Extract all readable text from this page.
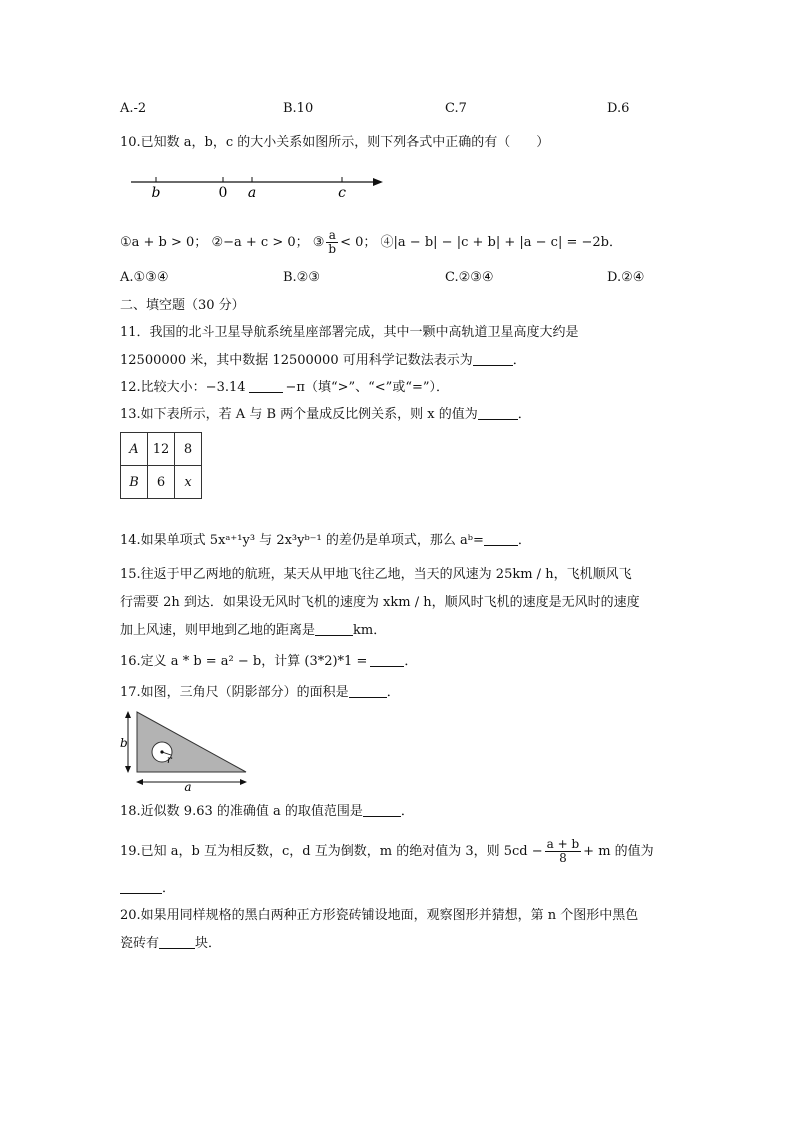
A.-2	B.10	C.7	D.6
10.已知数 a，b，c 的大小关系如图所示，则下列各式中正确的有（　　）
b	0 a	c
①a + b > 0； ②−a + c > 0； ③ $\frac{a}{b} < 0$； ④|a − b| − |c + b| + |a − c| = −2b．
A.①③④	B.②③	C.②③④	D.②④
二、填空题（30 分）
11．我国的北斗卫星导航系统星座部署完成，其中一颗中高轨道卫星高度大约是
12500000 米，其中数据 12500000 可用科学记数法表示为	．
12.比较大小：−3.14	−π（填“>”、“<”或“=”）．
13.如下表所示，若 A 与 B 两个量成反比例关系，则 x 的值为	．
A	12	8
B	6	x
14.如果单项式 5xᵃ⁺¹y³ 与 2x³yᵇ⁻¹ 的差仍是单项式，那么 aᵇ=	．
15.往返于甲乙两地的航班，某天从甲地飞往乙地，当天的风速为 25km / h，飞机顺风飞
行需要 2h 到达．如果设无风时飞机的速度为 xkm / h，顺风时飞机的速度是无风时的速度
加上风速，则甲地到乙地的距离是	km．
16.定义 a * b = a² − b，计算 (3*2)*1 =	．
17.如图，三角尺（阴影部分）的面积是	．
r
b
a
18.近似数 9.63 的准确值 a 的取值范围是	．
19.已知 a，b 互为相反数，c，d 互为倒数，m 的绝对值为 3，则 $5cd - \frac{a + b}{8} + m$ 的值为
．
20.如果用同样规格的黑白两种正方形瓷砖铺设地面，观察图形并猜想，第 n 个图形中黑色
瓷砖有	块．
